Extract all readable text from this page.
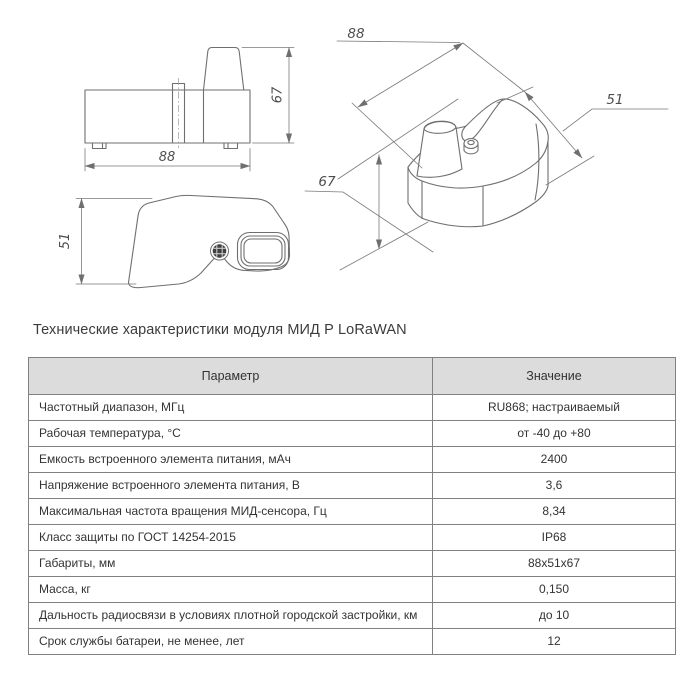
88
67
51
88
51
67
Технические характеристики модуля МИД Р LoRaWAN
Параметр	Значение
Частотный диапазон, МГц	RU868; настраиваемый
Рабочая температура, °С	от -40 до +80
Емкость встроенного элемента питания, мАч	2400
Напряжение встроенного элемента питания, В	3,6
Максимальная частота вращения МИД-сенсора, Гц	8,34
Класс защиты по ГОСТ 14254-2015	IP68
Габариты, мм	88x51x67
Масса, кг	0,150
Дальность радиосвязи в условиях плотной городской застройки, км	до 10
Срок службы батареи, не менее, лет	12
